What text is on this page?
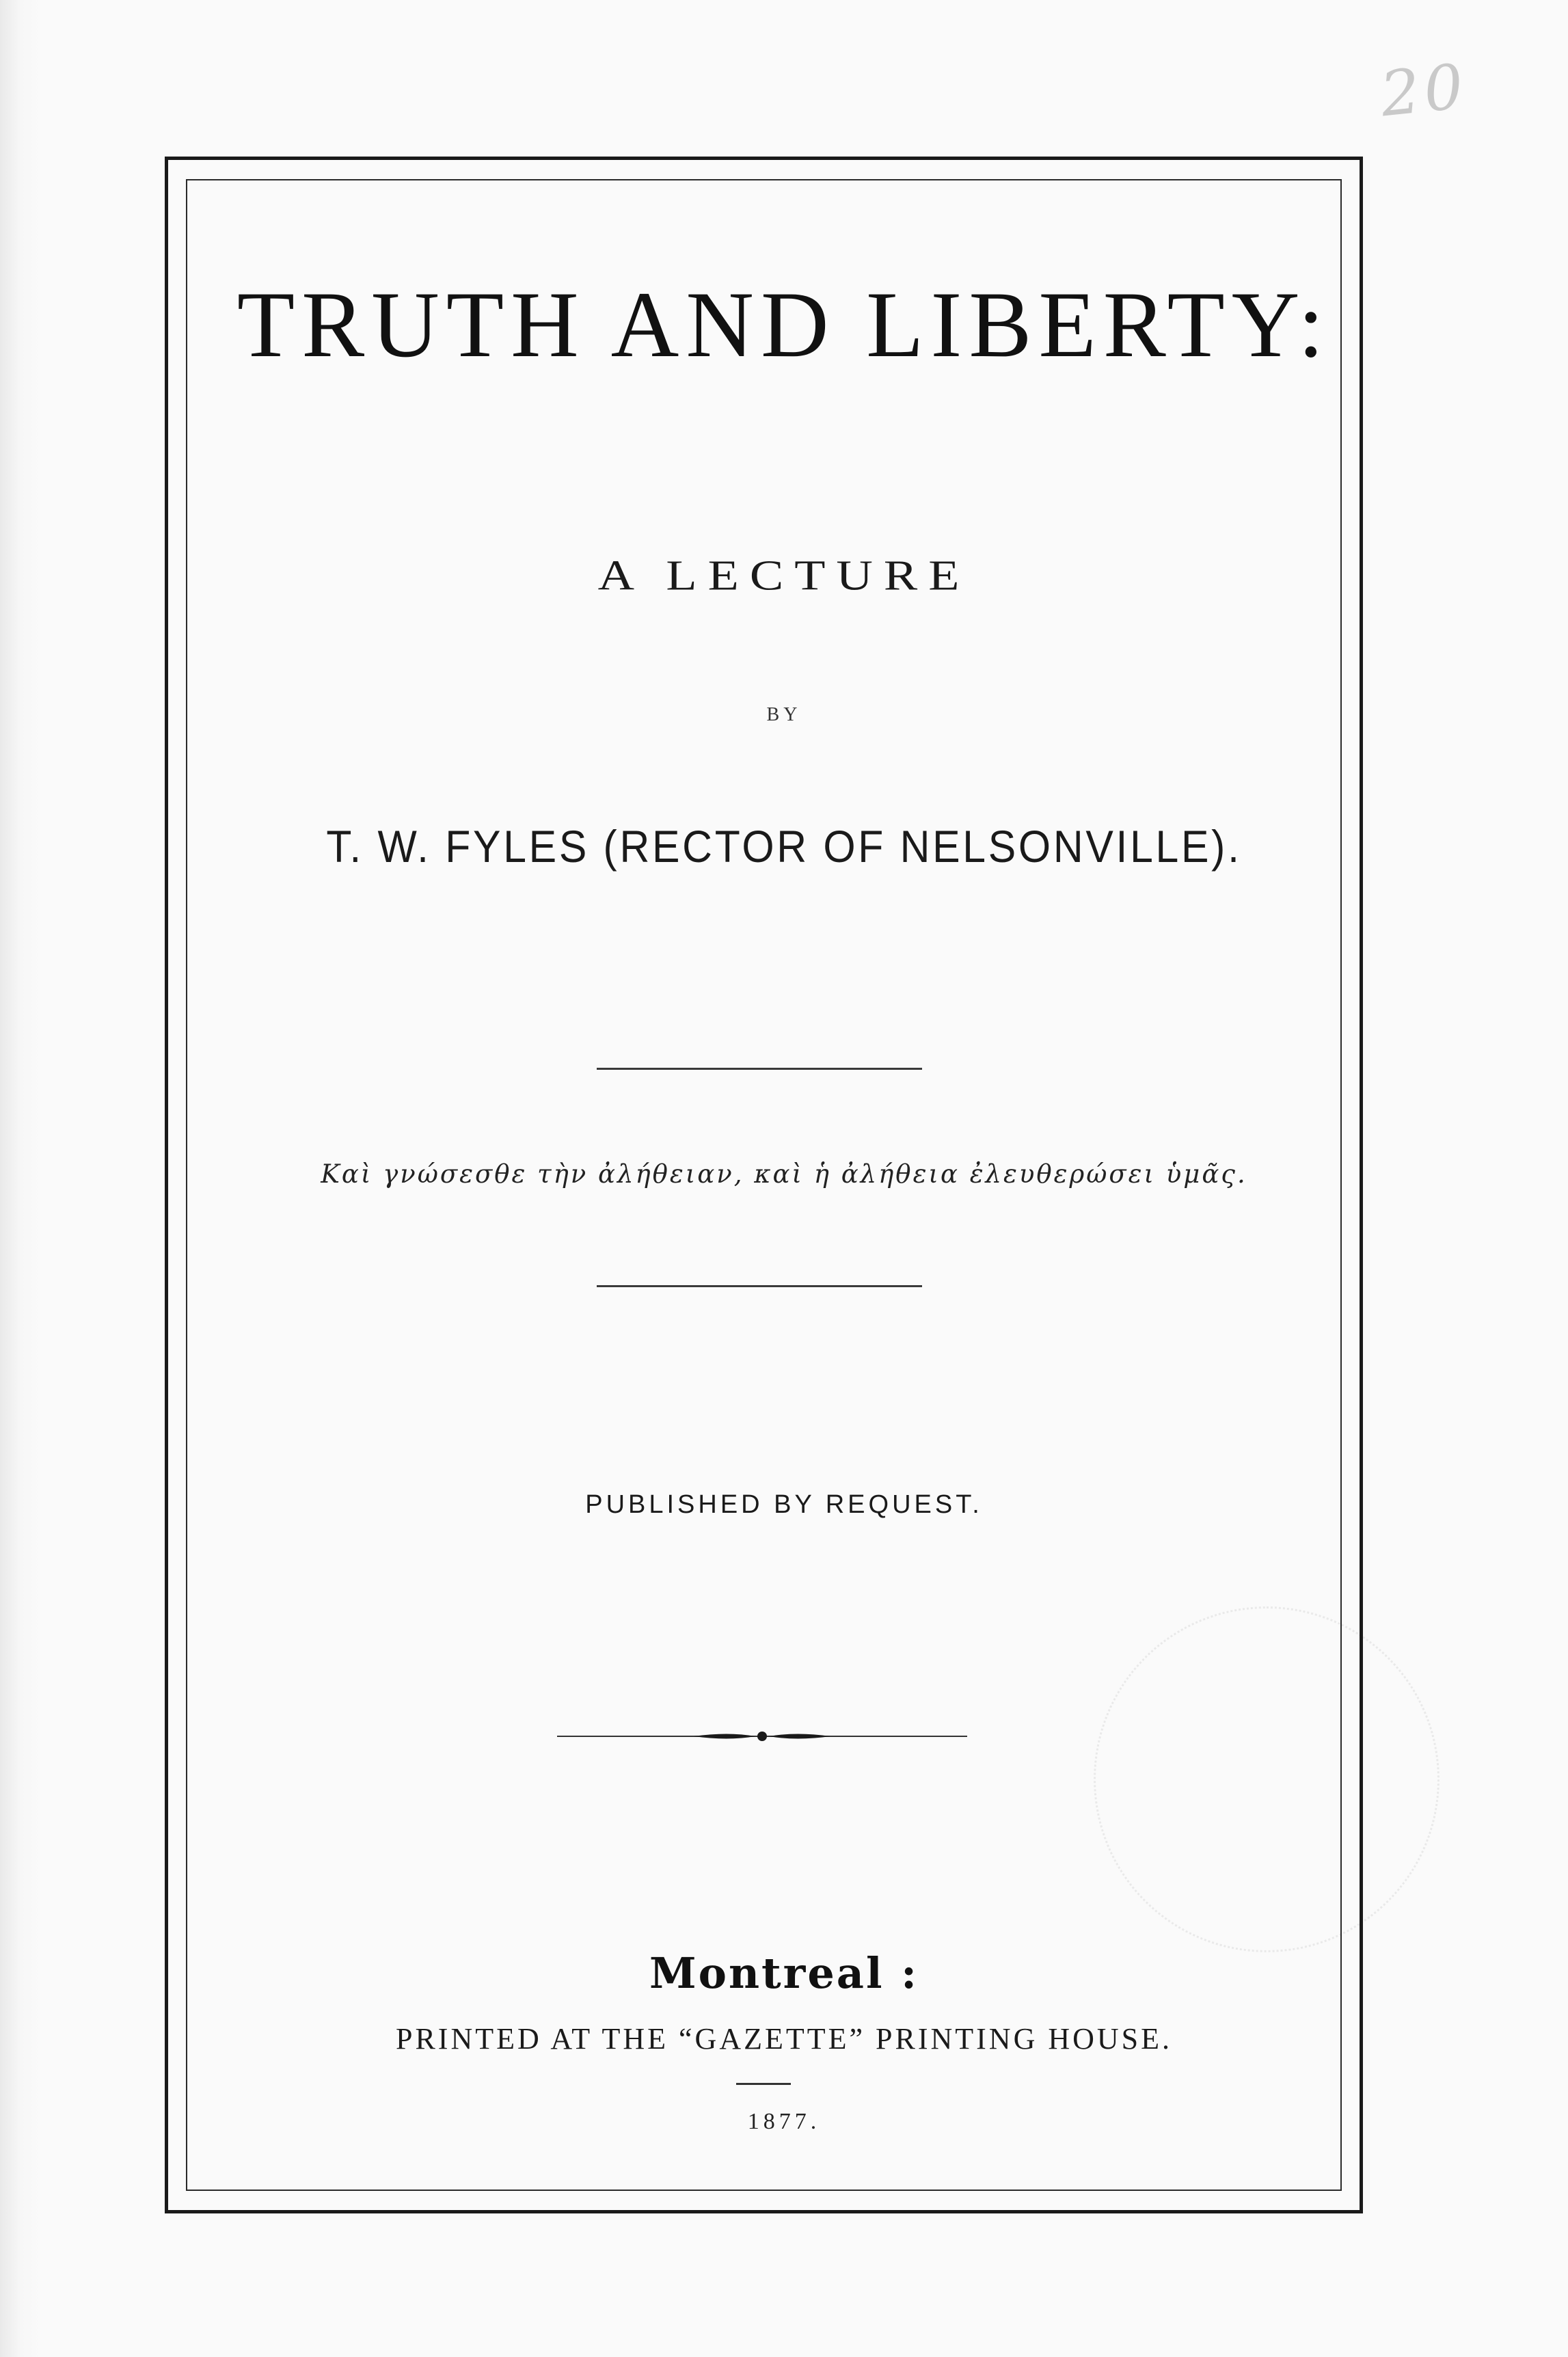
20
TRUTH AND LIBERTY:
A LECTURE
BY
T. W. FYLES (RECTOR OF NELSONVILLE).
Καὶ γνώσεσθε τὴν ἀλήθειαν, καὶ ἡ ἀλήθεια ἐλευθερώσει ὑμᾶς.
PUBLISHED BY REQUEST.
Montreal :
PRINTED AT THE “GAZETTE” PRINTING HOUSE.
1877.
